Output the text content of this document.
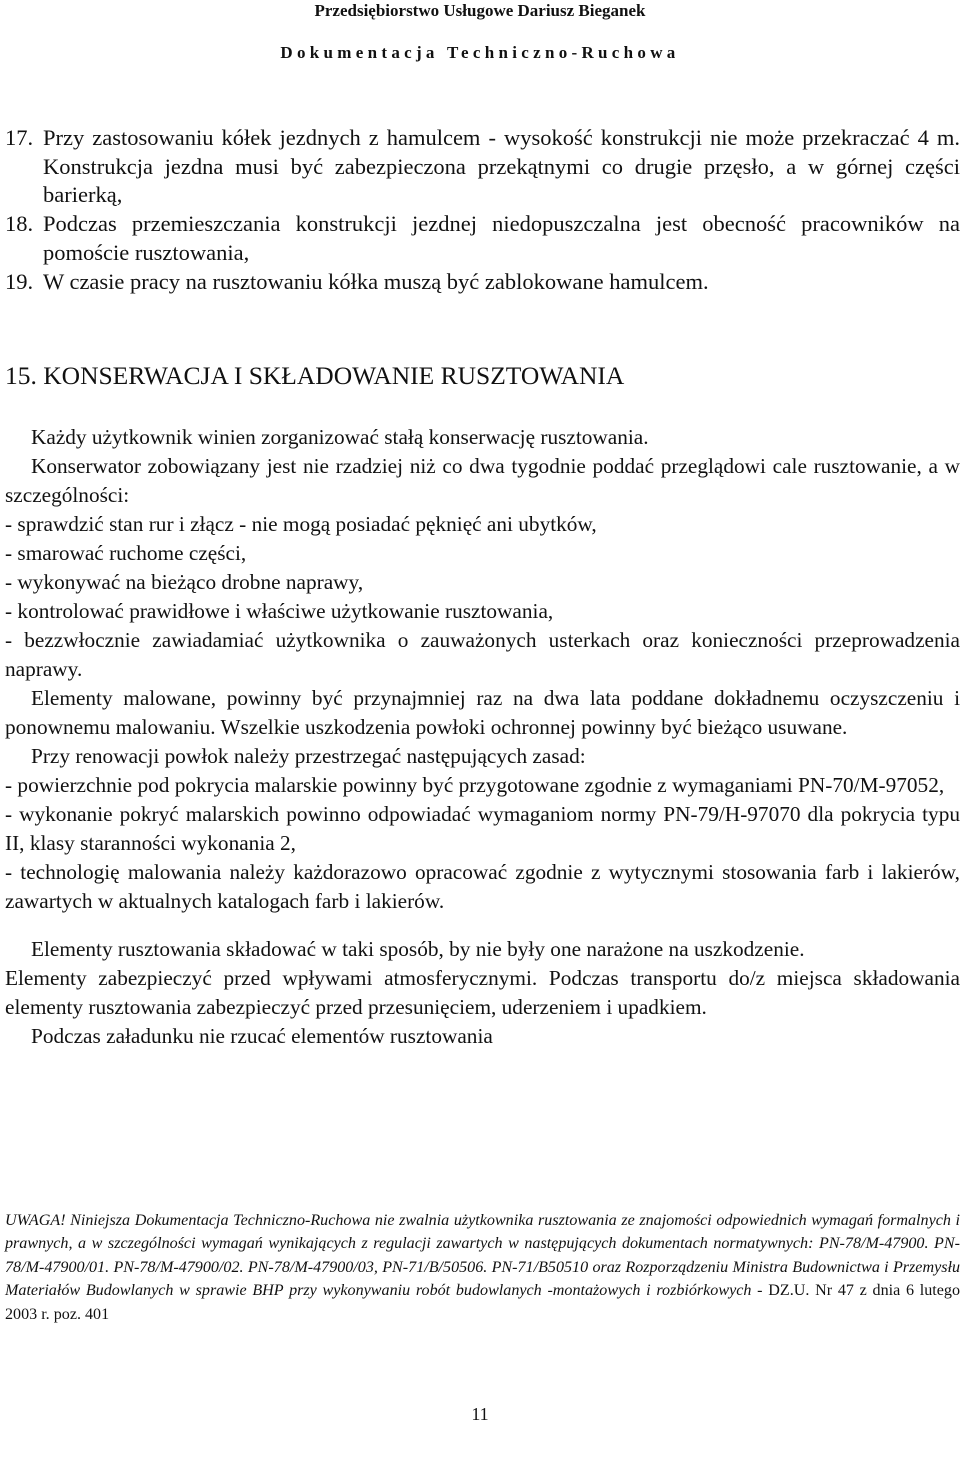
Przedsiębiorstwo Usługowe Dariusz Bieganek
Dokumentacja Techniczno-Ruchowa
17. Przy zastosowaniu kółek jezdnych z hamulcem - wysokość konstrukcji nie może przekraczać 4 m. Konstrukcja jezdna musi być zabezpieczona przekątnymi co drugie przęsło, a w górnej części barierką,
18. Podczas przemieszczania konstrukcji jezdnej niedopuszczalna jest obecność pracowników na pomoście rusztowania,
19. W czasie pracy na rusztowaniu kółka muszą być zablokowane hamulcem.
15. KONSERWACJA I SKŁADOWANIE RUSZTOWANIA

Każdy użytkownik winien zorganizować stałą konserwację rusztowania.

Konserwator zobowiązany jest nie rzadziej niż co dwa tygodnie poddać przeglądowi cale rusztowanie, a w szczególności:

- sprawdzić stan rur i złącz - nie mogą posiadać pęknięć ani ubytków,

- smarować ruchome części,

- wykonywać na bieżąco drobne naprawy,

- kontrolować prawidłowe i właściwe użytkowanie rusztowania,

- bezzwłocznie zawiadamiać użytkownika o zauważonych usterkach oraz konieczności przeprowadzenia naprawy.

Elementy malowane, powinny być przynajmniej raz na dwa lata poddane dokładnemu oczyszczeniu i ponownemu malowaniu. Wszelkie uszkodzenia powłoki ochronnej powinny być bieżąco usuwane.

Przy renowacji powłok należy przestrzegać następujących zasad:

- powierzchnie pod pokrycia malarskie powinny być przygotowane zgodnie z wymaganiami PN-70/M-97052,

- wykonanie pokryć malarskich powinno odpowiadać wymaganiom normy PN-79/H-97070 dla pokrycia typu II, klasy staranności wykonania 2,

- technologię malowania należy każdorazowo opracować zgodnie z wytycznymi stosowania farb i lakierów, zawartych w aktualnych katalogach farb i lakierów.

Elementy rusztowania składować w taki sposób, by nie były one narażone na uszkodzenie.

Elementy zabezpieczyć przed wpływami atmosferycznymi. Podczas transportu do/z miejsca składowania elementy rusztowania zabezpieczyć przed przesunięciem, uderzeniem i upadkiem.

Podczas załadunku nie rzucać elementów rusztowania

UWAGA! Niniejsza Dokumentacja Techniczno-Ruchowa nie zwalnia użytkownika rusztowania ze znajomości odpowiednich wymagań formalnych i prawnych, a w szczególności wymagań wynikających z regulacji zawartych w następujących dokumentach normatywnych: PN-78/M-47900. PN-78/M-47900/01. PN-78/M-47900/02. PN-78/M-47900/03, PN-71/B/50506. PN-71/B50510 oraz Rozporządzeniu Ministra Budownictwa i Przemysłu Materiałów Budowlanych w sprawie BHP przy wykonywaniu robót budowlanych -montażowych i rozbiórkowych - DZ.U. Nr 47 z dnia 6 lutego 2003 r. poz. 401
11
